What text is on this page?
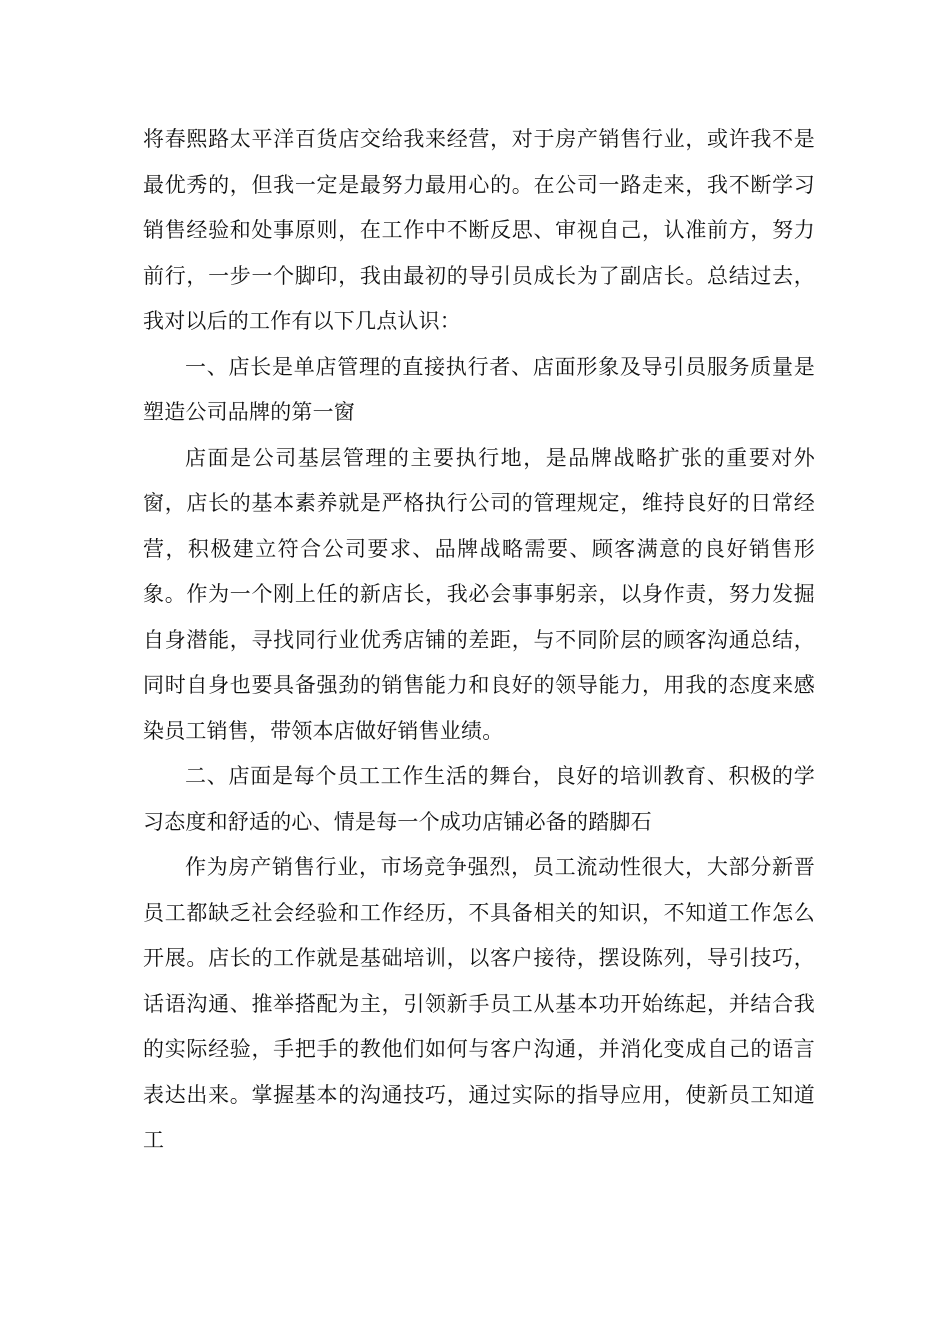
将春熙路太平洋百货店交给我来经营，对于房产销售行业，或许我不是最优秀的，但我一定是最努力最用心的。在公司一路走来，我不断学习销售经验和处事原则，在工作中不断反思、审视自己，认准前方，努力前行，一步一个脚印，我由最初的导引员成长为了副店长。总结过去，我对以后的工作有以下几点认识：

一、店长是单店管理的直接执行者、店面形象及导引员服务质量是塑造公司品牌的第一窗

店面是公司基层管理的主要执行地，是品牌战略扩张的重要对外窗，店长的基本素养就是严格执行公司的管理规定，维持良好的日常经营，积极建立符合公司要求、品牌战略需要、顾客满意的良好销售形象。作为一个刚上任的新店长，我必会事事躬亲，以身作责，努力发掘自身潜能，寻找同行业优秀店铺的差距，与不同阶层的顾客沟通总结，同时自身也要具备强劲的销售能力和良好的领导能力，用我的态度来感染员工销售，带领本店做好销售业绩。

二、店面是每个员工工作生活的舞台，良好的培训教育、积极的学习态度和舒适的心、情是每一个成功店铺必备的踏脚石

作为房产销售行业，市场竞争强烈，员工流动性很大，大部分新晋员工都缺乏社会经验和工作经历，不具备相关的知识，不知道工作怎么开展。店长的工作就是基础培训，以客户接待，摆设陈列，导引技巧，话语沟通、推举搭配为主，引领新手员工从基本功开始练起，并结合我的实际经验，手把手的教他们如何与客户沟通，并消化变成自己的语言表达出来。掌握基本的沟通技巧，通过实际的指导应用，使新员工知道工
